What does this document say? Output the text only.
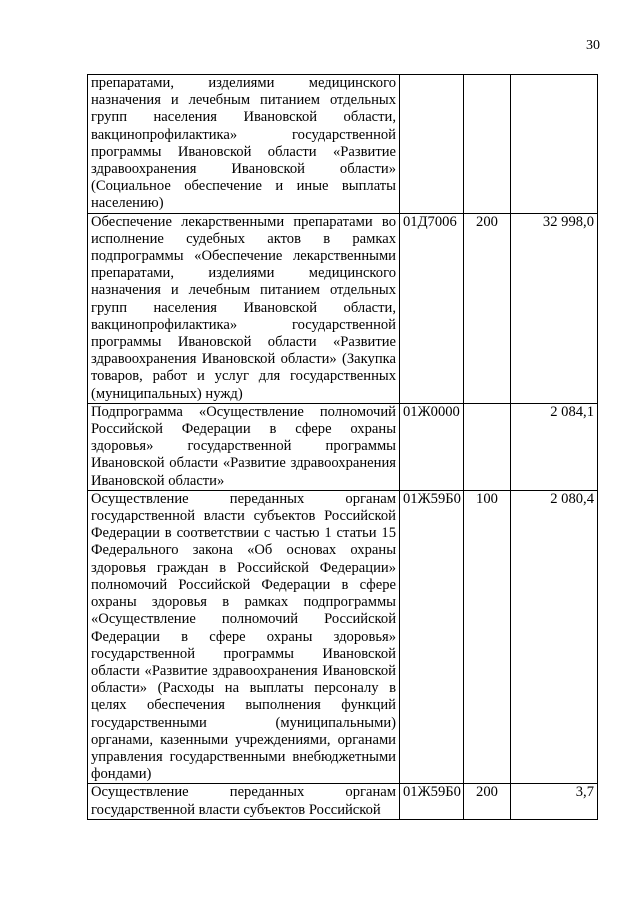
30
препаратами, изделиями медицинского назначения и лечебным питанием отдельных групп населения Ивановской области, вакцинопрофилактика» государственной программы Ивановской области «Развитие здравоохранения Ивановской области» (Социальное обеспечение и иные выплаты населению)			
Обеспечение лекарственными препаратами во исполнение судебных актов в рамках подпрограммы «Обеспечение лекарственными препаратами, изделиями медицинского назначения и лечебным питанием отдельных групп населения Ивановской области, вакцинопрофилактика» государственной программы Ивановской области «Развитие здравоохранения Ивановской области» (Закупка товаров, работ и услуг для государственных (муниципальных) нужд)	01Д7006	200	32 998,0
Подпрограмма «Осуществление полномочий Российской Федерации в сфере охраны здоровья» государственной программы Ивановской области «Развитие здравоохранения Ивановской области»	01Ж0000		2 084,1
Осуществление переданных органам государственной власти субъектов Российской Федерации в соответствии с частью 1 статьи 15 Федерального закона «Об основах охраны здоровья граждан в Российской Федерации» полномочий Российской Федерации в сфере охраны здоровья в рамках подпрограммы «Осуществление полномочий Российской Федерации в сфере охраны здоровья» государственной программы Ивановской области «Развитие здравоохранения Ивановской области» (Расходы на выплаты персоналу в целях обеспечения выполнения функций государственными (муниципальными) органами, казенными учреждениями, органами управления государственными внебюджетными фондами)	01Ж59Б0	100	2 080,4
Осуществление переданных органам государственной власти субъектов Российской	01Ж59Б0	200	3,7
